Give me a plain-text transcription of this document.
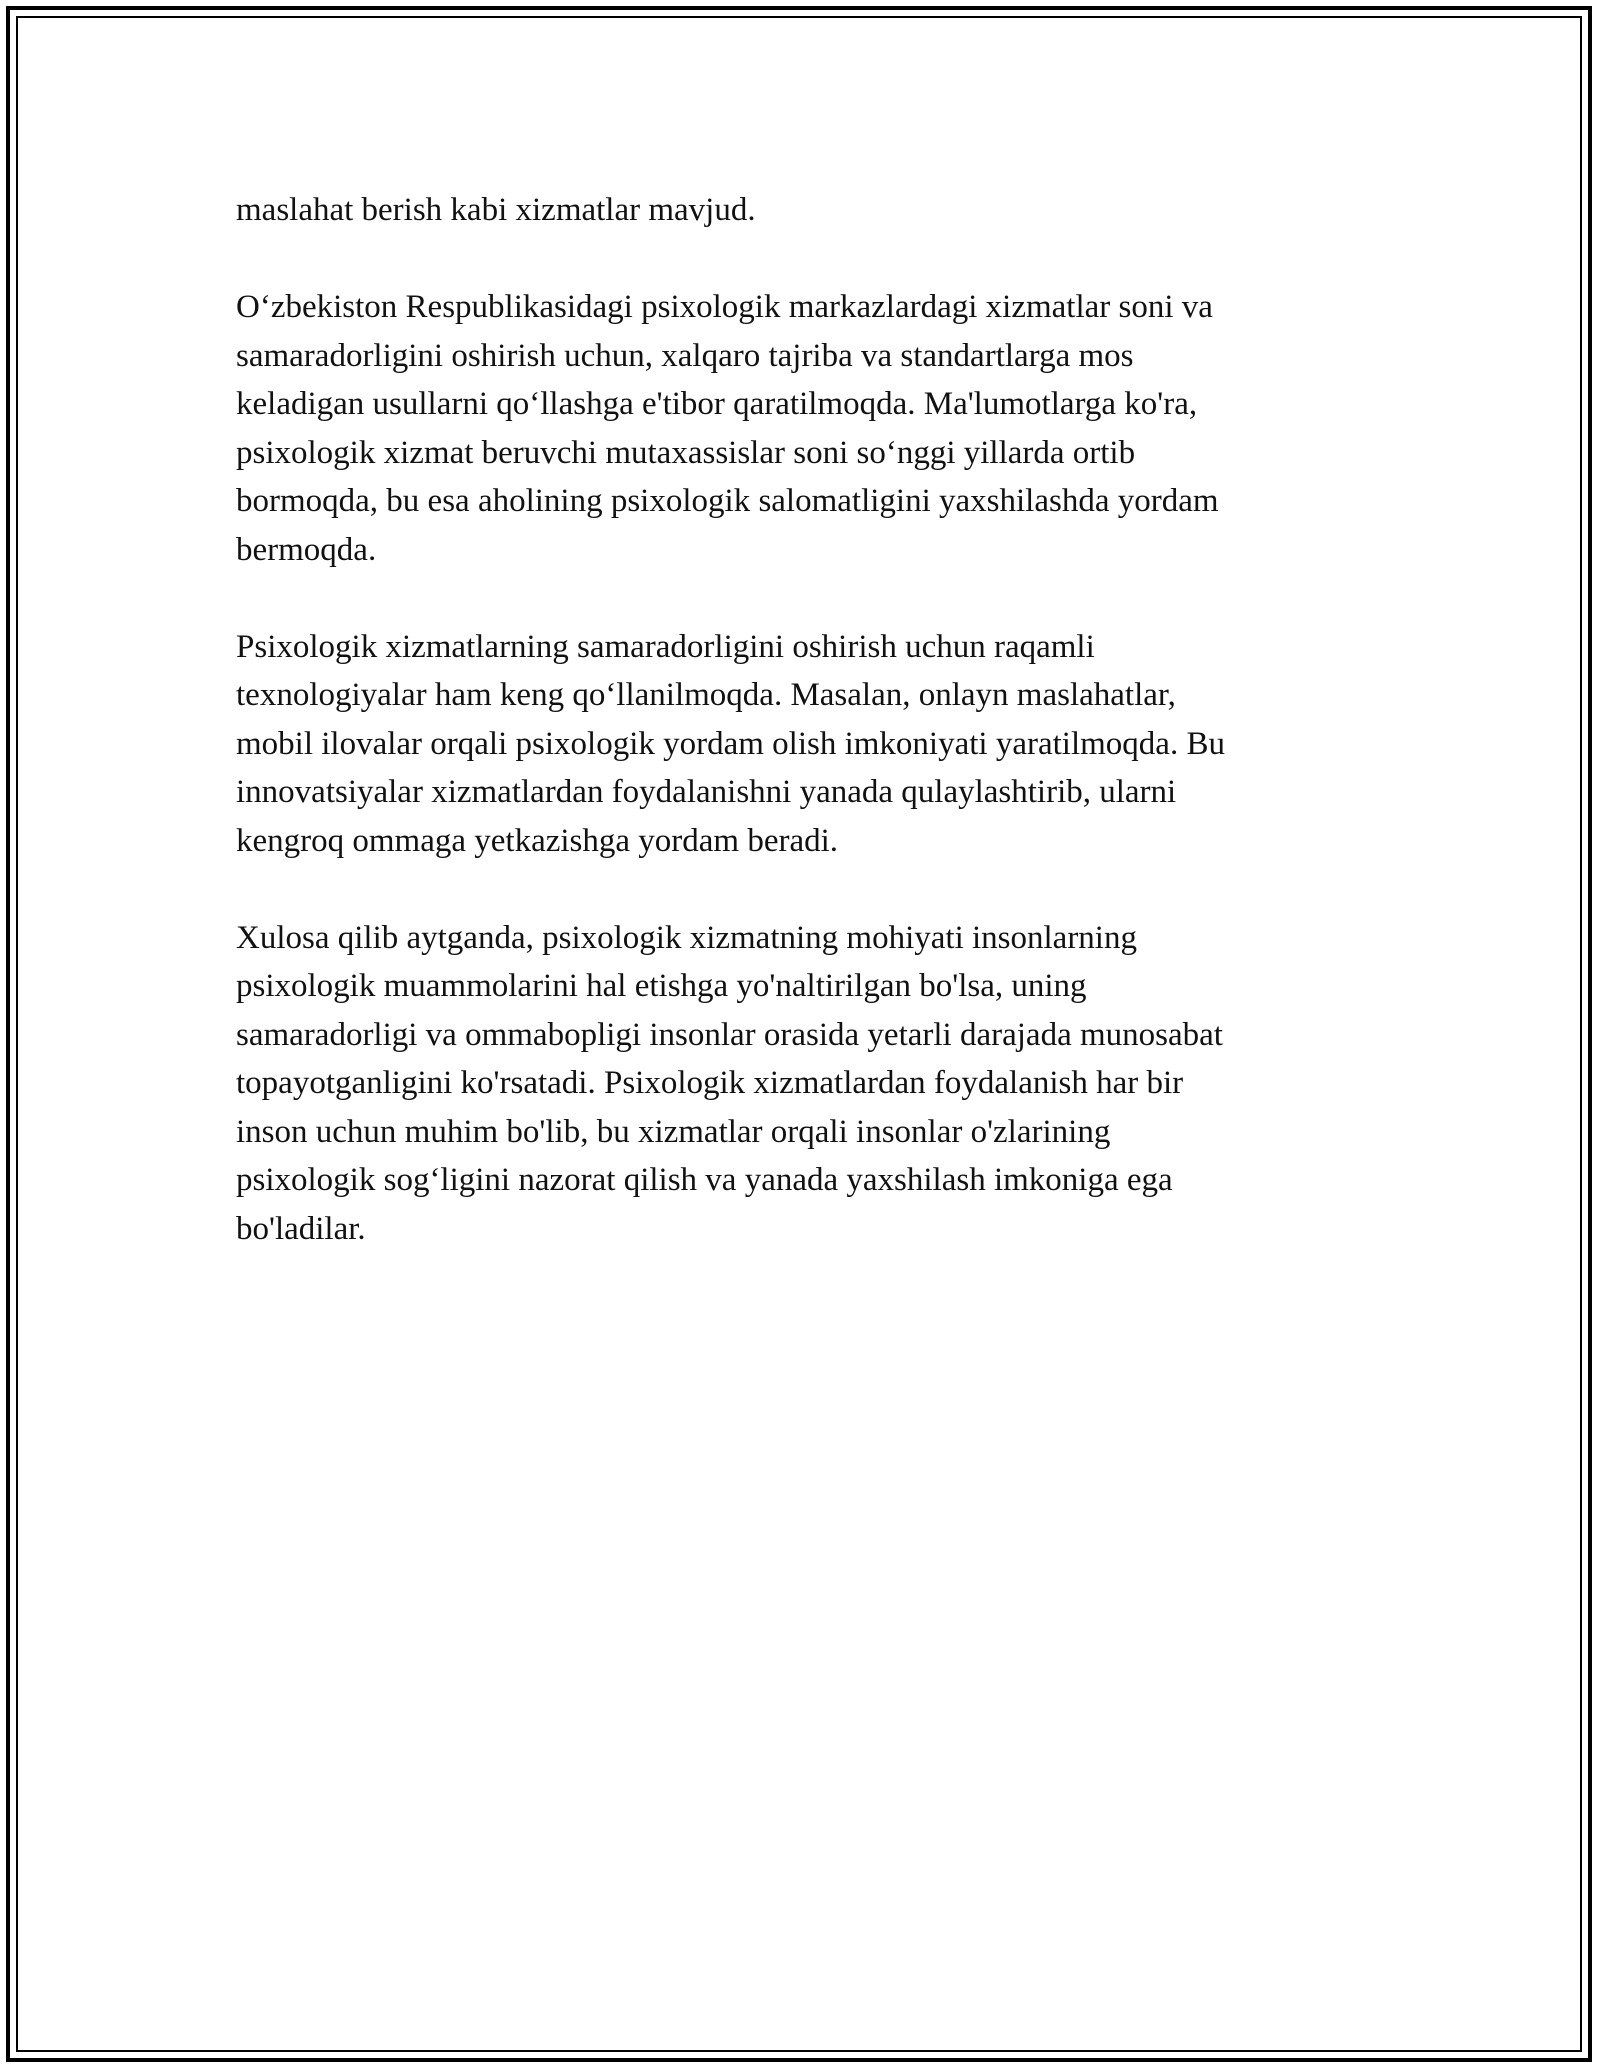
maslahat berish kabi xizmatlar mavjud.

O‘zbekiston Respublikasidagi psixologik markazlardagi xizmatlar soni va
samaradorligini oshirish uchun, xalqaro tajriba va standartlarga mos
keladigan usullarni qo‘llashga e'tibor qaratilmoqda. Ma'lumotlarga ko'ra,
psixologik xizmat beruvchi mutaxassislar soni so‘nggi yillarda ortib
bormoqda, bu esa aholining psixologik salomatligini yaxshilashda yordam
bermoqda.

Psixologik xizmatlarning samaradorligini oshirish uchun raqamli
texnologiyalar ham keng qo‘llanilmoqda. Masalan, onlayn maslahatlar,
mobil ilovalar orqali psixologik yordam olish imkoniyati yaratilmoqda. Bu
innovatsiyalar xizmatlardan foydalanishni yanada qulaylashtirib, ularni
kengroq ommaga yetkazishga yordam beradi.

Xulosa qilib aytganda, psixologik xizmatning mohiyati insonlarning
psixologik muammolarini hal etishga yo'naltirilgan bo'lsa, uning
samaradorligi va ommabopligi insonlar orasida yetarli darajada munosabat
topayotganligini ko'rsatadi. Psixologik xizmatlardan foydalanish har bir
inson uchun muhim bo'lib, bu xizmatlar orqali insonlar o'zlarining
psixologik sog‘ligini nazorat qilish va yanada yaxshilash imkoniga ega
bo'ladilar.
